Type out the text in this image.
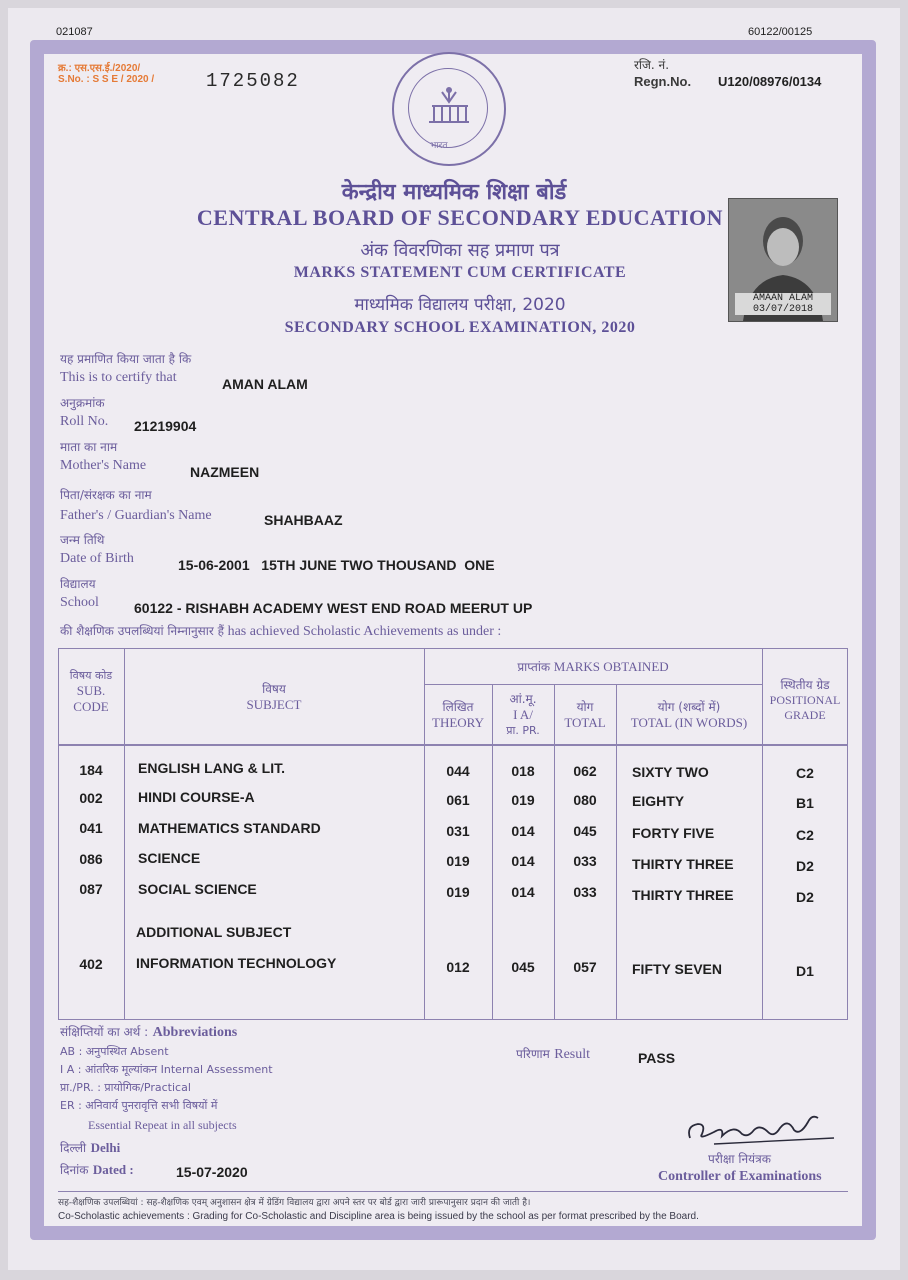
021087	60122/00125
क्र.: एस.एस.ई./2020/
S.No. : S S E / 2020 /	1725082
रजि. नं.
Regn.No. U120/08976/0134
भारत
केन्द्रीय माध्यमिक शिक्षा बोर्ड
CENTRAL BOARD OF SECONDARY EDUCATION
अंक विवरणिका सह प्रमाण पत्र
MARKS STATEMENT CUM CERTIFICATE
माध्यमिक विद्यालय परीक्षा, 2020
SECONDARY SCHOOL EXAMINATION, 2020
AMAAN ALAM
03/07/2018
यह प्रमाणित किया जाता है कि
This is to certify that	AMAN ALAM
अनुक्रमांक
Roll No. 21219904
माता का नाम
Mother's Name	NAZMEEN
पिता/संरक्षक का नाम
Father's / Guardian's Name	SHAHBAAZ
जन्म तिथि
Date of Birth	15-06-2001   15TH JUNE TWO THOUSAND  ONE
विद्यालय
School	60122 - RISHABH ACADEMY WEST END ROAD MEERUT UP
की शैक्षणिक उपलब्धियां निम्नानुसार हैं has achieved Scholastic Achievements as under :
विषय कोड
SUB.
CODE
विषय
SUBJECT
प्राप्तांक MARKS OBTAINED
लिखित
THEORY
आं.मू.
I A/
प्रा. PR.
योग
TOTAL
योग (शब्दों में)
TOTAL (IN WORDS)
स्थितीय ग्रेड
POSITIONAL
GRADE
184	ENGLISH LANG & LIT.	044	018	062	SIXTY TWO	C2
002	HINDI COURSE-A	061	019	080	EIGHTY	B1
041	MATHEMATICS STANDARD	031	014	045	FORTY FIVE	C2
086	SCIENCE	019	014	033	THIRTY THREE	D2
087	SOCIAL SCIENCE	019	014	033	THIRTY THREE	D2
ADDITIONAL SUBJECT
402	INFORMATION TECHNOLOGY	012	045	057	FIFTY SEVEN	D1
संक्षिप्तियों का अर्थ : Abbreviations
AB : अनुपस्थित Absent
I A : आंतरिक मूल्यांकन Internal Assessment
प्रा./PR. : प्रायोगिक/Practical
ER : अनिवार्य पुनरावृत्ति सभी विषयों में
Essential Repeat in all subjects
परिणाम Result	PASS
दिल्ली Delhi
दिनांक Dated :	15-07-2020
परीक्षा नियंत्रक
Controller of Examinations
सह-शैक्षणिक उपलब्धियां : सह-शैक्षणिक एवम् अनुशासन क्षेत्र में ग्रेडिंग विद्यालय द्वारा अपने स्तर पर बोर्ड द्वारा जारी प्रारूपानुसार प्रदान की जाती है।
Co-Scholastic achievements : Grading for Co-Scholastic and Discipline area is being issued by the school as per format prescribed by the Board.
